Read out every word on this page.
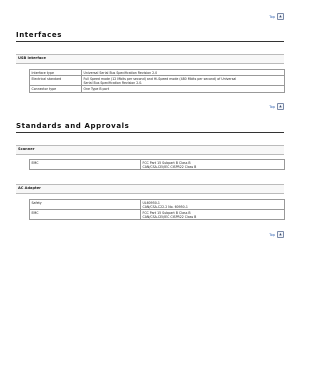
Top	▲
Interfaces
USB Interface
Interface type	Universal Serial Bus Specification Revision 2.0
Electrical standard	Full Speed mode (12 Mbits per second) and Hi-Speed mode (480 Mbits per second) of Universal
Serial Bus Specification Revision 2.0.

Connector type	One Type B port
Top	▲
Standards and Approvals
Scanner
EMC	FCC Part 15 Subpart B Class B
CAN/CSA-CEI/IEC CISPR22 Class B
AC Adapter
Safety	UL60950-1
CAN/CSA-C22.2 No. 60950-1

EMC	FCC Part 15 Subpart B Class B
CAN/CSA-CEI/IEC CISPR22 Class B
Top	▲
